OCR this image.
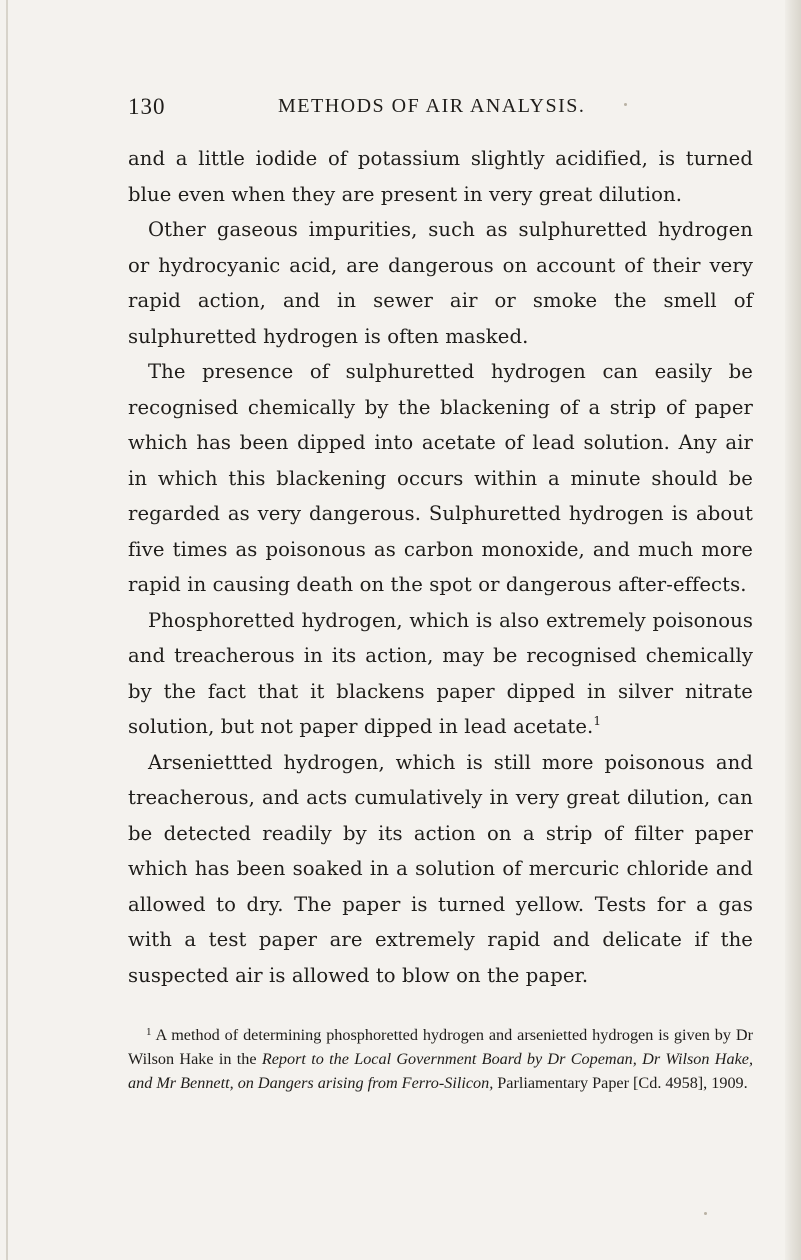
130	METHODS OF AIR ANALYSIS.

and a little iodide of potassium slightly acidified, is turned blue even when they are present in very great dilution.

Other gaseous impurities, such as sulphuretted hydrogen or hydrocyanic acid, are dangerous on account of their very rapid action, and in sewer air or smoke the smell of sulphuretted hydrogen is often masked.

The presence of sulphuretted hydrogen can easily be recognised chemically by the blackening of a strip of paper which has been dipped into acetate of lead solution. Any air in which this blackening occurs within a minute should be regarded as very dangerous. Sulphuretted hydrogen is about five times as poisonous as carbon monoxide, and much more rapid in causing death on the spot or dangerous after-effects.

Phosphoretted hydrogen, which is also extremely poisonous and treacherous in its action, may be recognised chemically by the fact that it blackens paper dipped in silver nitrate solution, but not paper dipped in lead acetate.$^1$

Arseniettted hydrogen, which is still more poisonous and treacherous, and acts cumulatively in very great dilution, can be detected readily by its action on a strip of filter paper which has been soaked in a solution of mercuric chloride and allowed to dry. The paper is turned yellow. Tests for a gas with a test paper are extremely rapid and delicate if the suspected air is allowed to blow on the paper.

$^1$ A method of determining phosphoretted hydrogen and arsenietted hydrogen is given by Dr Wilson Hake in the Report to the Local Government Board by Dr Copeman, Dr Wilson Hake, and Mr Bennett, on Dangers arising from Ferro-Silicon, Parliamentary Paper [Cd. 4958], 1909.
